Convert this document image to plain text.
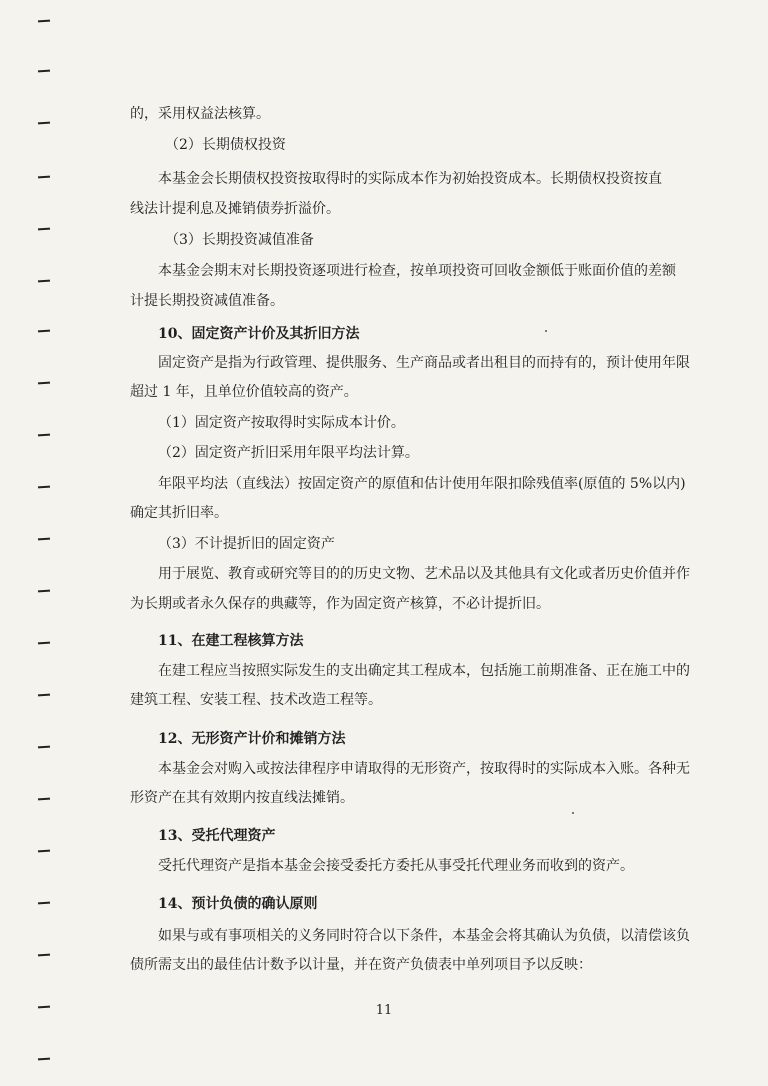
的，采用权益法核算。

（2）长期债权投资

本基金会长期债权投资按取得时的实际成本作为初始投资成本。长期债权投资按直

线法计提利息及摊销债券折溢价。

（3）长期投资减值准备

本基金会期末对长期投资逐项进行检查，按单项投资可回收金额低于账面价值的差额

计提长期投资减值准备。

10、固定资产计价及其折旧方法

固定资产是指为行政管理、提供服务、生产商品或者出租目的而持有的，预计使用年限

超过 1 年，且单位价值较高的资产。

（1）固定资产按取得时实际成本计价。

（2）固定资产折旧采用年限平均法计算。

年限平均法（直线法）按固定资产的原值和估计使用年限扣除残值率(原值的 5%以内)

确定其折旧率。

（3）不计提折旧的固定资产

用于展览、教育或研究等目的的历史文物、艺术品以及其他具有文化或者历史价值并作

为长期或者永久保存的典藏等，作为固定资产核算，不必计提折旧。

11、在建工程核算方法

在建工程应当按照实际发生的支出确定其工程成本，包括施工前期准备、正在施工中的

建筑工程、安装工程、技术改造工程等。

12、无形资产计价和摊销方法

本基金会对购入或按法律程序申请取得的无形资产，按取得时的实际成本入账。各种无

形资产在其有效期内按直线法摊销。

13、受托代理资产

受托代理资产是指本基金会接受委托方委托从事受托代理业务而收到的资产。

14、预计负债的确认原则

如果与或有事项相关的义务同时符合以下条件，本基金会将其确认为负债，以清偿该负

债所需支出的最佳估计数予以计量，并在资产负债表中单列项目予以反映：

11
